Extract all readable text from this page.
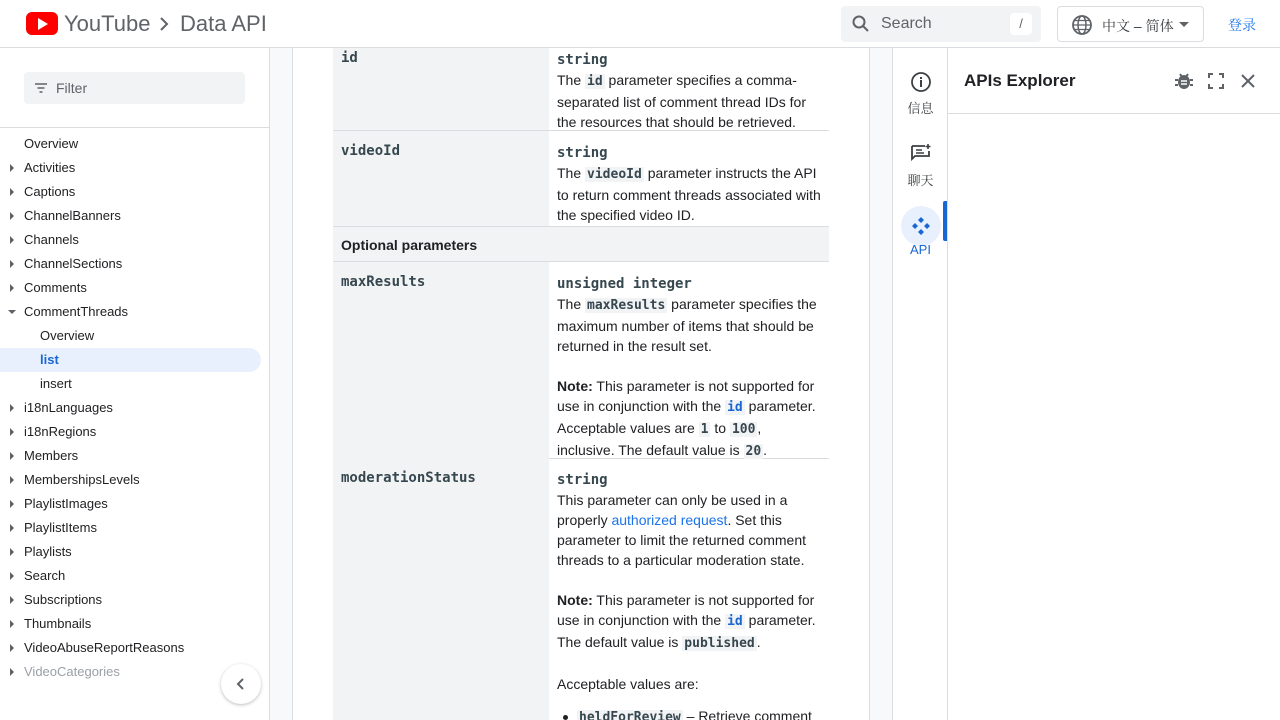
YouTube Data API	Search	/	中文 – 简体	登录
Filter
Overview
Activities
Captions
ChannelBanners
Channels
ChannelSections
Comments
CommentThreads
Overview
list
insert
i18nLanguages
i18nRegions
Members
MembershipsLevels
PlaylistImages
PlaylistItems
Playlists
Search
Subscriptions
Thumbnails
VideoAbuseReportReasons
VideoCategories
id	string
The id parameter specifies a comma-separated list of comment thread IDs for the resources that should be retrieved.
videoId	string
The videoId parameter instructs the API to return comment threads associated with the specified video ID.
Optional parameters
maxResults	unsigned integer
The maxResults parameter specifies the maximum number of items that should be returned in the result set.
Note: This parameter is not supported for use in conjunction with the id parameter. Acceptable values are 1 to 100 , inclusive. The default value is 20 .
moderationStatus	string
This parameter can only be used in a properly authorized request. Set this parameter to limit the returned comment threads to a particular moderation state.
Note: This parameter is not supported for use in conjunction with the id parameter. The default value is published .
Acceptable values are:
heldForReview – Retrieve comment
信息
聊天
API
APIs Explorer
